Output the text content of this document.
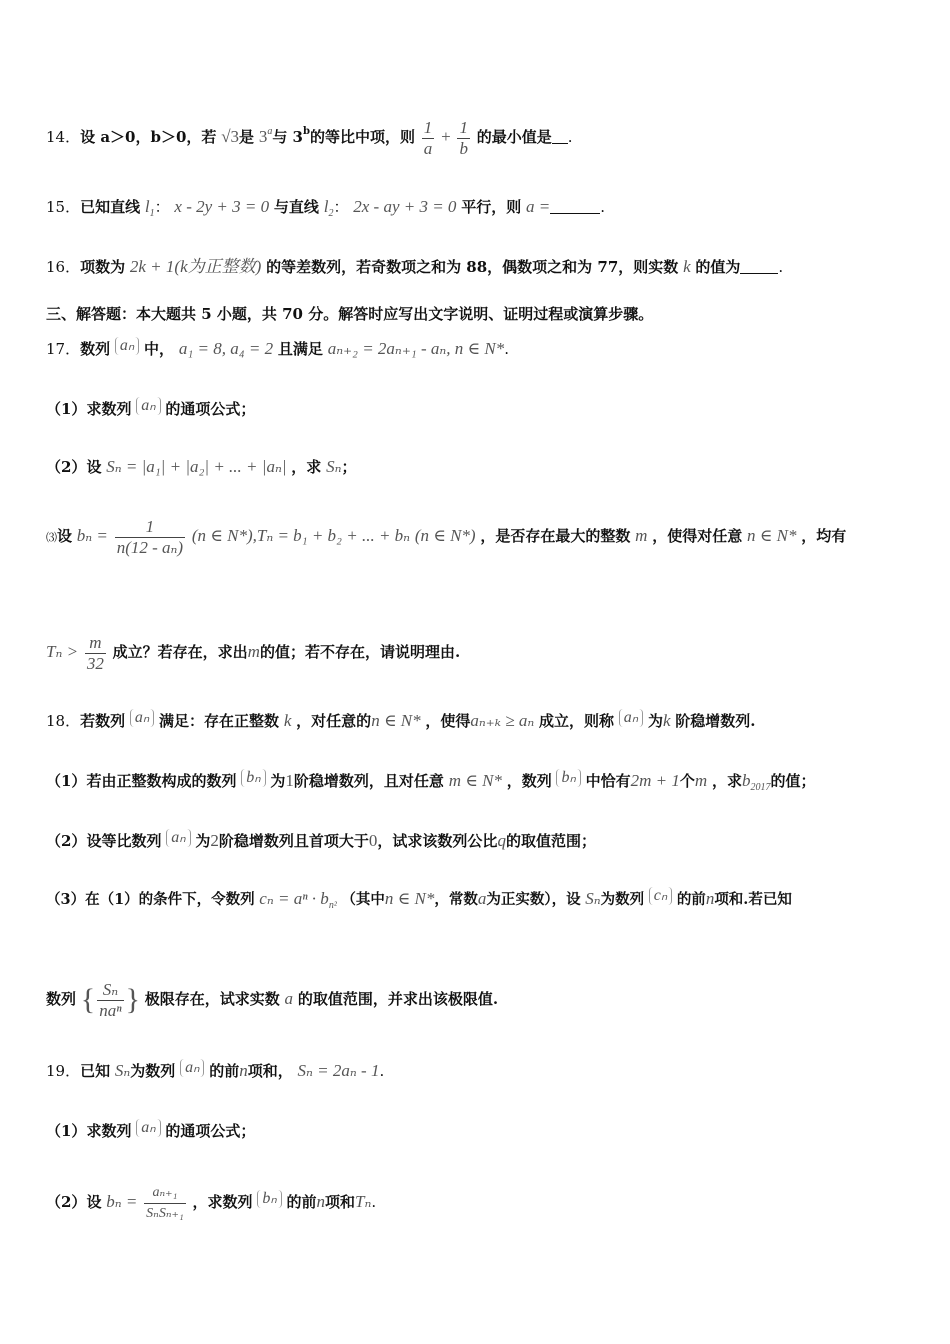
14．设 a＞0，b＞0，若 √3是 3$^a$与 3$^b$的等比中项，则 $\frac{1}{a} + \frac{1}{b}$ 的最小值是 .
15．已知直线 $l_1$： x - 2y + 3 = 0 与直线 $l_2$： 2x - ay + 3 = 0 平行，则 a =	.
16．项数为 2k + 1(k为正整数) 的等差数列，若奇数项之和为 88，偶数项之和为 77，则实数 k 的值为	.
三、解答题：本大题共 5 小题，共 70 分。解答时应写出文字说明、证明过程或演算步骤。
17．数列 aₙ 中， a₁ = 8, a₄ = 2 且满足 aₙ₊₂ = 2aₙ₊₁ - aₙ, n ∈ N*.
（1）求数列 aₙ 的通项公式；
（2）设 Sₙ = |a₁| + |a₂| + ... + |aₙ| ，求 Sₙ；
⑶设 $b_n = \frac{1}{\text{n(12 - aₙ)}} (n$ ∈ N*),Tₙ = b₁ + b₂ + ... + bₙ (n ∈ N*) ，是否存在最大的整数 m ，使得对任意 n ∈ N* ，均有
$T_n > \frac{m}{32}$ 成立？若存在，求出m的值；若不存在，请说明理由.
18．若数列 aₙ 满足：存在正整数 k ，对任意的n ∈ N* ，使得aₙ₊ₖ ≥ aₙ 成立，则称 aₙ 为k 阶稳增数列.
（1）若由正整数构成的数列 bₙ 为1阶稳增数列，且对任意 m ∈ N* ，数列 bₙ 中恰有2m + 1个m ，求$b_{2017}$的值；
（2）设等比数列 aₙ 为2阶稳增数列且首项大于0，试求该数列公比q的取值范围；
（3）在（1）的条件下，令数列 $c_n = a^n \cdot b_{n^2}$ （其中n ∈ N*，常数a为正实数），设 Sₙ为数列 cₙ 的前n项和.若已知
数列 { $\frac{\text{Sₙ}}{\text{naⁿ}}$ } 极限存在，试求实数 a 的取值范围，并求出该极限值.
19．已知 Sₙ为数列 aₙ 的前n项和， Sₙ = 2aₙ - 1.
（1）求数列 aₙ 的通项公式；
（2）设 $b_n = \frac{\text{aₙ₊₁}}{\text{SₙSₙ₊₁}}$ ，求数列 bₙ 的前n项和Tₙ.
